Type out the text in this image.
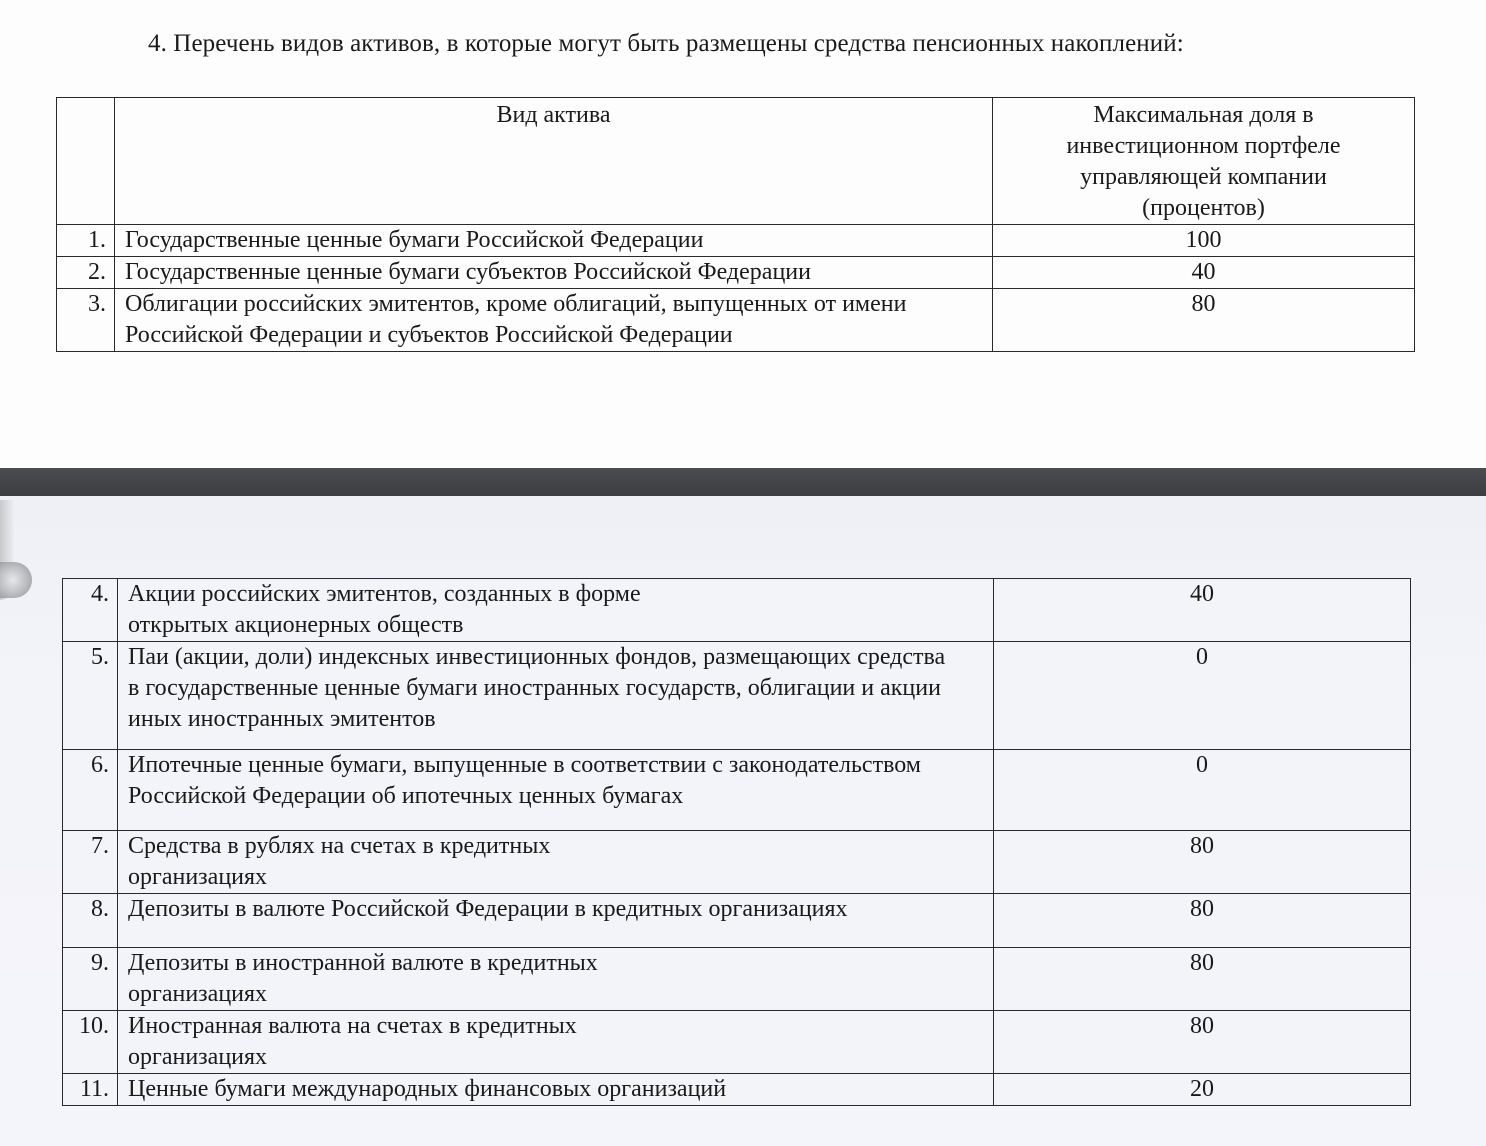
4. Перечень видов активов, в которые могут быть размещены средства пенсионных накоплений:
	Вид актива	Максимальная доля в инвестиционном портфеле управляющей компании (процентов)

1.	Государственные ценные бумаги Российской Федерации	100
2.	Государственные ценные бумаги субъектов Российской Федерации	40
3.	Облигации российских эмитентов, кроме облигаций, выпущенных от имени Российской Федерации и субъектов Российской Федерации	80
4.	Акции российских эмитентов, созданных в форме открытых акционерных обществ	40
5.	Паи (акции, доли) индексных инвестиционных фондов, размещающих средства в государственные ценные бумаги иностранных государств, облигации и акции иных иностранных эмитентов	0
6.	Ипотечные ценные бумаги, выпущенные в соответствии с законодательством Российской Федерации об ипотечных ценных бумагах	0
7.	Средства в рублях на счетах в кредитных организациях	80
8.	Депозиты в валюте Российской Федерации в кредитных организациях	80
9.	Депозиты в иностранной валюте в кредитных организациях	80
10.	Иностранная валюта на счетах в кредитных организациях	80
11.	Ценные бумаги международных финансовых организаций	20
